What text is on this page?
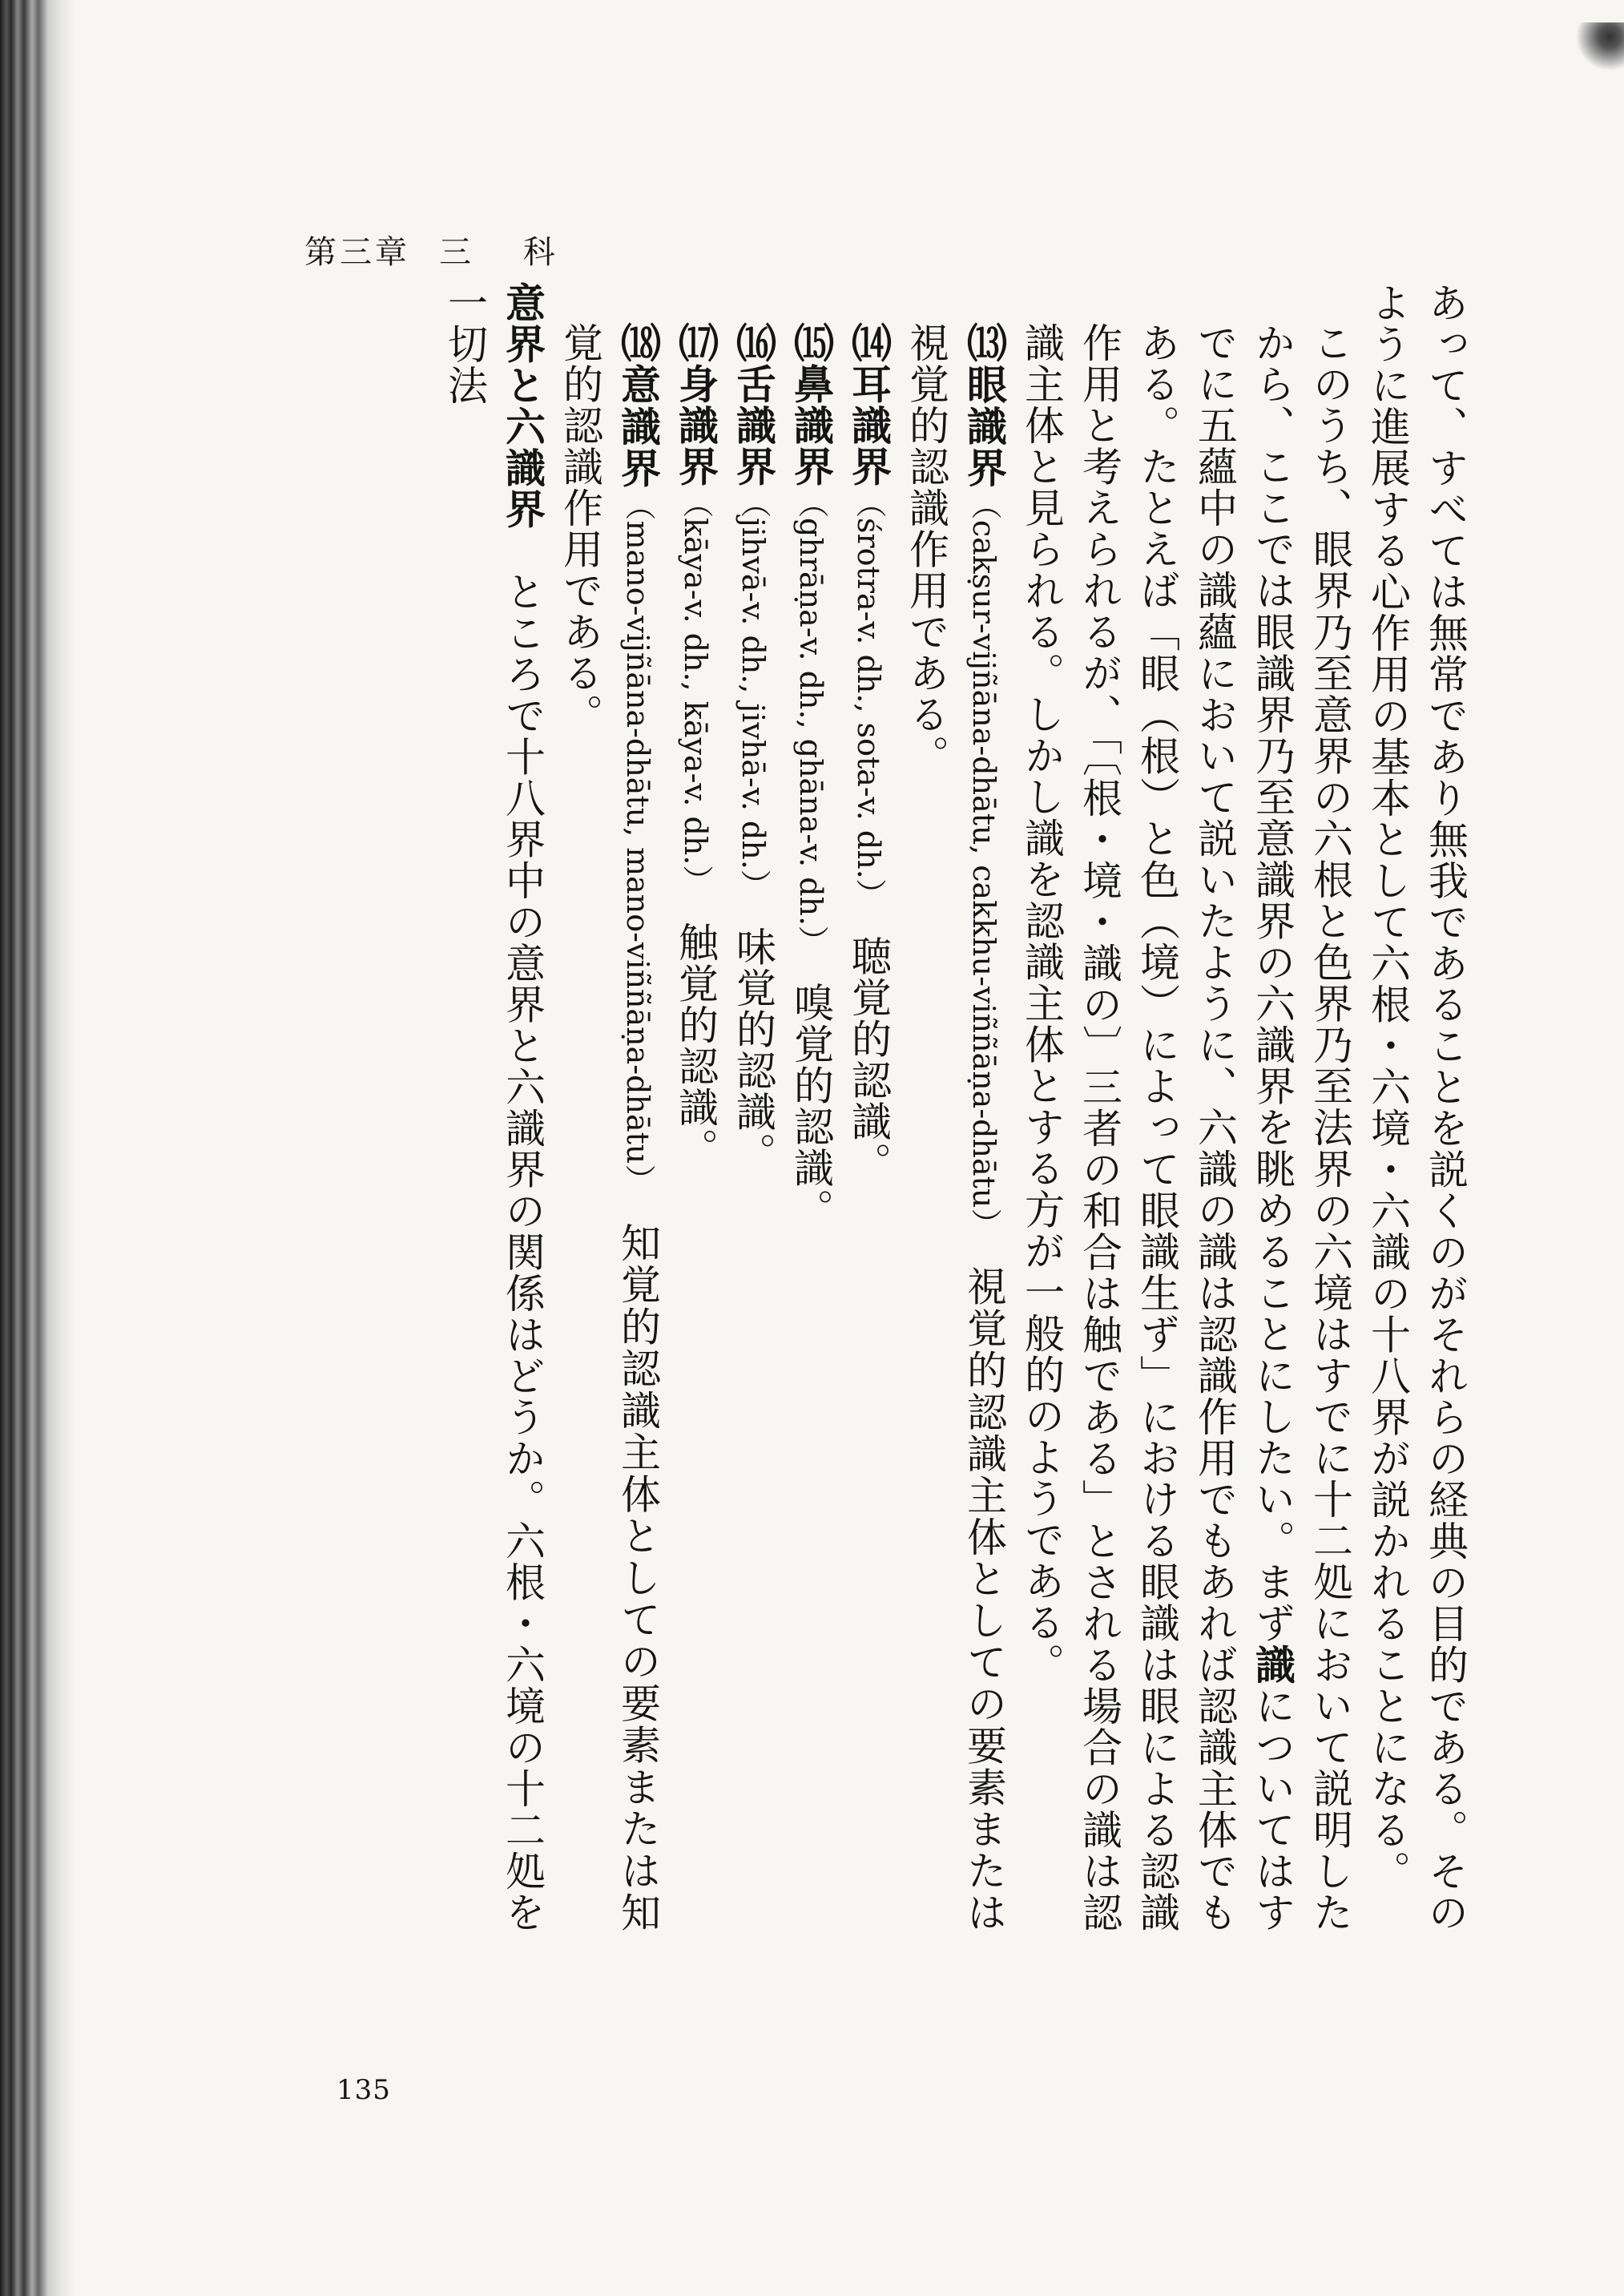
第三章 三 科

あって、すべては無常であり無我であることを説くのがそれらの経典の目的である。そのように進展する心作用の基本として六根・六境・六識の十八界が説かれることになる。

このうち、眼界乃至意界の六根と色界乃至法界の六境はすでに十二処において説明したから、ここでは眼識界乃至意識界の六識界を眺めることにしたい。まず識についてはすでに五蘊中の識蘊において説いたように、六識の識は認識作用でもあれば認識主体でもある。たとえば「眼（根）と色（境）によって眼識生ず」における眼識は眼による認識作用と考えられるが、「〔根・境・識の〕三者の和合は触である」とされる場合の識は認識主体と見られる。しかし識を認識主体とする方が一般的のようである。

⒀眼識界（cakṣur-vijñāna-dhātu, cakkhu-viññāṇa-dhātu）　視覚的認識主体としての要素または視覚的認識作用である。

⒁耳識界（śrotra-v. dh., sota-v. dh.）　聴覚的認識。

⒂鼻識界（ghrāṇa-v. dh., ghāna-v. dh.）　嗅覚的認識。

⒃舌識界（jihvā-v. dh., jivhā-v. dh.）　味覚的認識。

⒄身識界（kāya-v. dh., kāya-v. dh.）　触覚的認識。

⒅意識界（mano-vijñāna-dhātu, mano-viññāṇa-dhātu）　知覚的認識主体としての要素または知覚的認識作用である。

意界と六識界　ところで十八界中の意界と六識界の関係はどうか。六根・六境の十二処を一切法

135
